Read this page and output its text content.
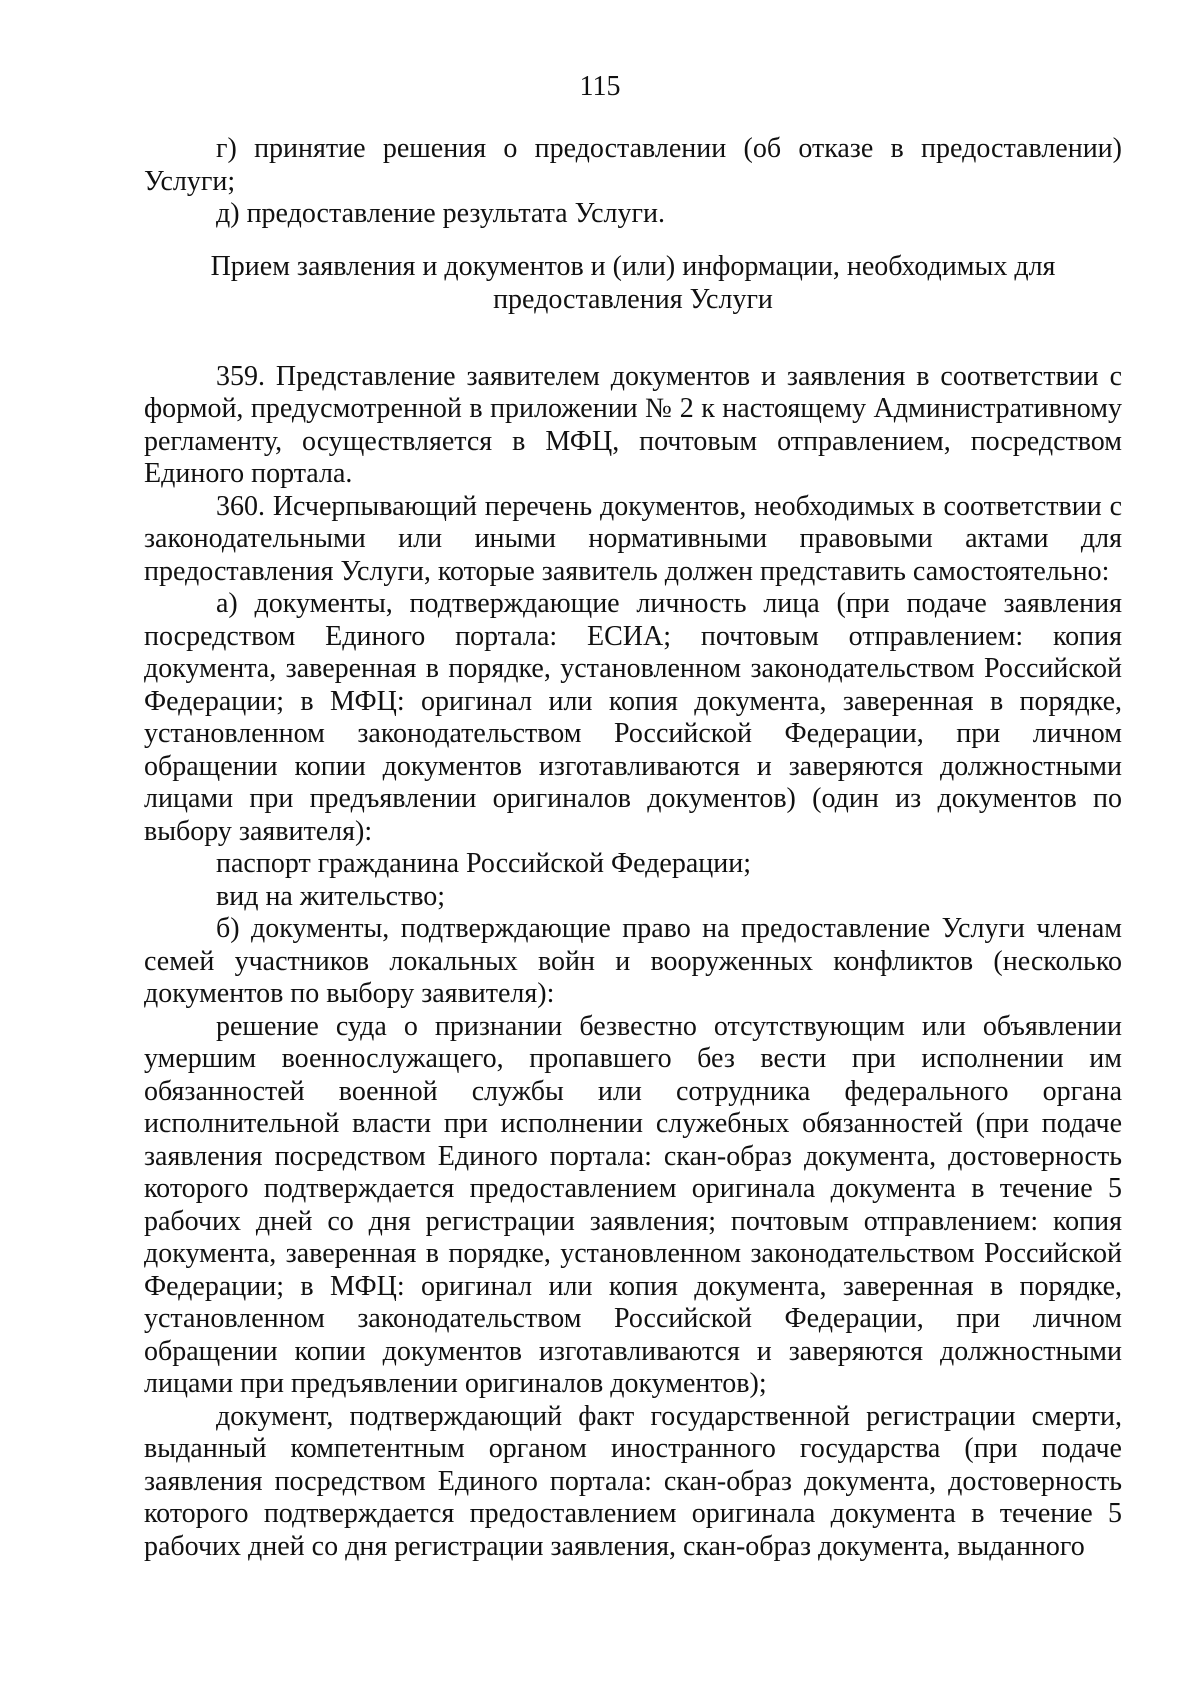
115

г) принятие решения о предоставлении (об отказе в предоставлении) Услуги;

д) предоставление результата Услуги.

Прием заявления и документов и (или) информации, необходимых для
предоставления Услуги

359. Представление заявителем документов и заявления в соответствии с формой, предусмотренной в приложении № 2 к настоящему Административному регламенту, осуществляется в МФЦ, почтовым отправлением, посредством Единого портала.

360. Исчерпывающий перечень документов, необходимых в соответствии с законодательными или иными нормативными правовыми актами для предоставления Услуги, которые заявитель должен представить самостоятельно:

а) документы, подтверждающие личность лица (при подаче заявления посредством Единого портала: ЕСИА; почтовым отправлением: копия документа, заверенная в порядке, установленном законодательством Российской Федерации; в МФЦ: оригинал или копия документа, заверенная в порядке, установленном законодательством Российской Федерации, при личном обращении копии документов изготавливаются и заверяются должностными лицами при предъявлении оригиналов документов) (один из документов по выбору заявителя):

паспорт гражданина Российской Федерации;

вид на жительство;

б) документы, подтверждающие право на предоставление Услуги членам семей участников локальных войн и вооруженных конфликтов (несколько документов по выбору заявителя):

решение суда о признании безвестно отсутствующим или объявлении умершим военнослужащего, пропавшего без вести при исполнении им обязанностей военной службы или сотрудника федерального органа исполнительной власти при исполнении служебных обязанностей (при подаче заявления посредством Единого портала: скан-образ документа, достоверность которого подтверждается предоставлением оригинала документа в течение 5 рабочих дней со дня регистрации заявления; почтовым отправлением: копия документа, заверенная в порядке, установленном законодательством Российской Федерации; в МФЦ: оригинал или копия документа, заверенная в порядке, установленном законодательством Российской Федерации, при личном обращении копии документов изготавливаются и заверяются должностными лицами при предъявлении оригиналов документов);

документ, подтверждающий факт государственной регистрации смерти, выданный компетентным органом иностранного государства (при подаче заявления посредством Единого портала: скан-образ документа, достоверность которого подтверждается предоставлением оригинала документа в течение 5 рабочих дней со дня регистрации заявления, скан-образ документа, выданного
